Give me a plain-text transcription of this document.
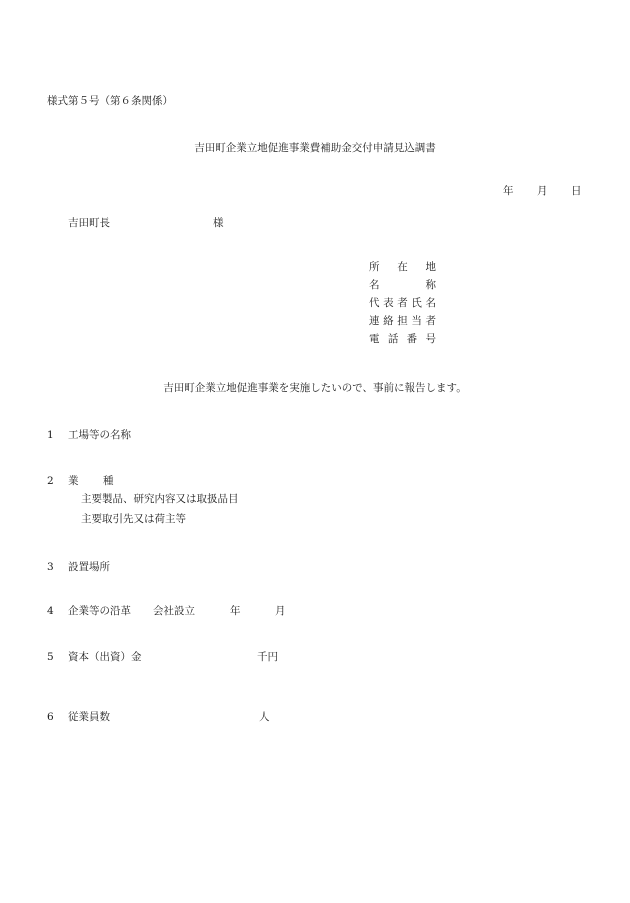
様式第５号（第６条関係）
吉田町企業立地促進事業費補助金交付申請見込調書
年 月 日
吉田町長	様
所 在 地
名	称
代 表 者 氏 名
連 絡 担 当 者
電 話 番 号
吉田町企業立地促進事業を実施したいので、事前に報告します。
1 工場等の名称
2 業 種
主要製品、研究内容又は取扱品目
主要取引先又は荷主等
3 設置場所
4 企業等の沿革 会社設立	年	月
5 資本（出資）金	千円
6 従業員数	人
